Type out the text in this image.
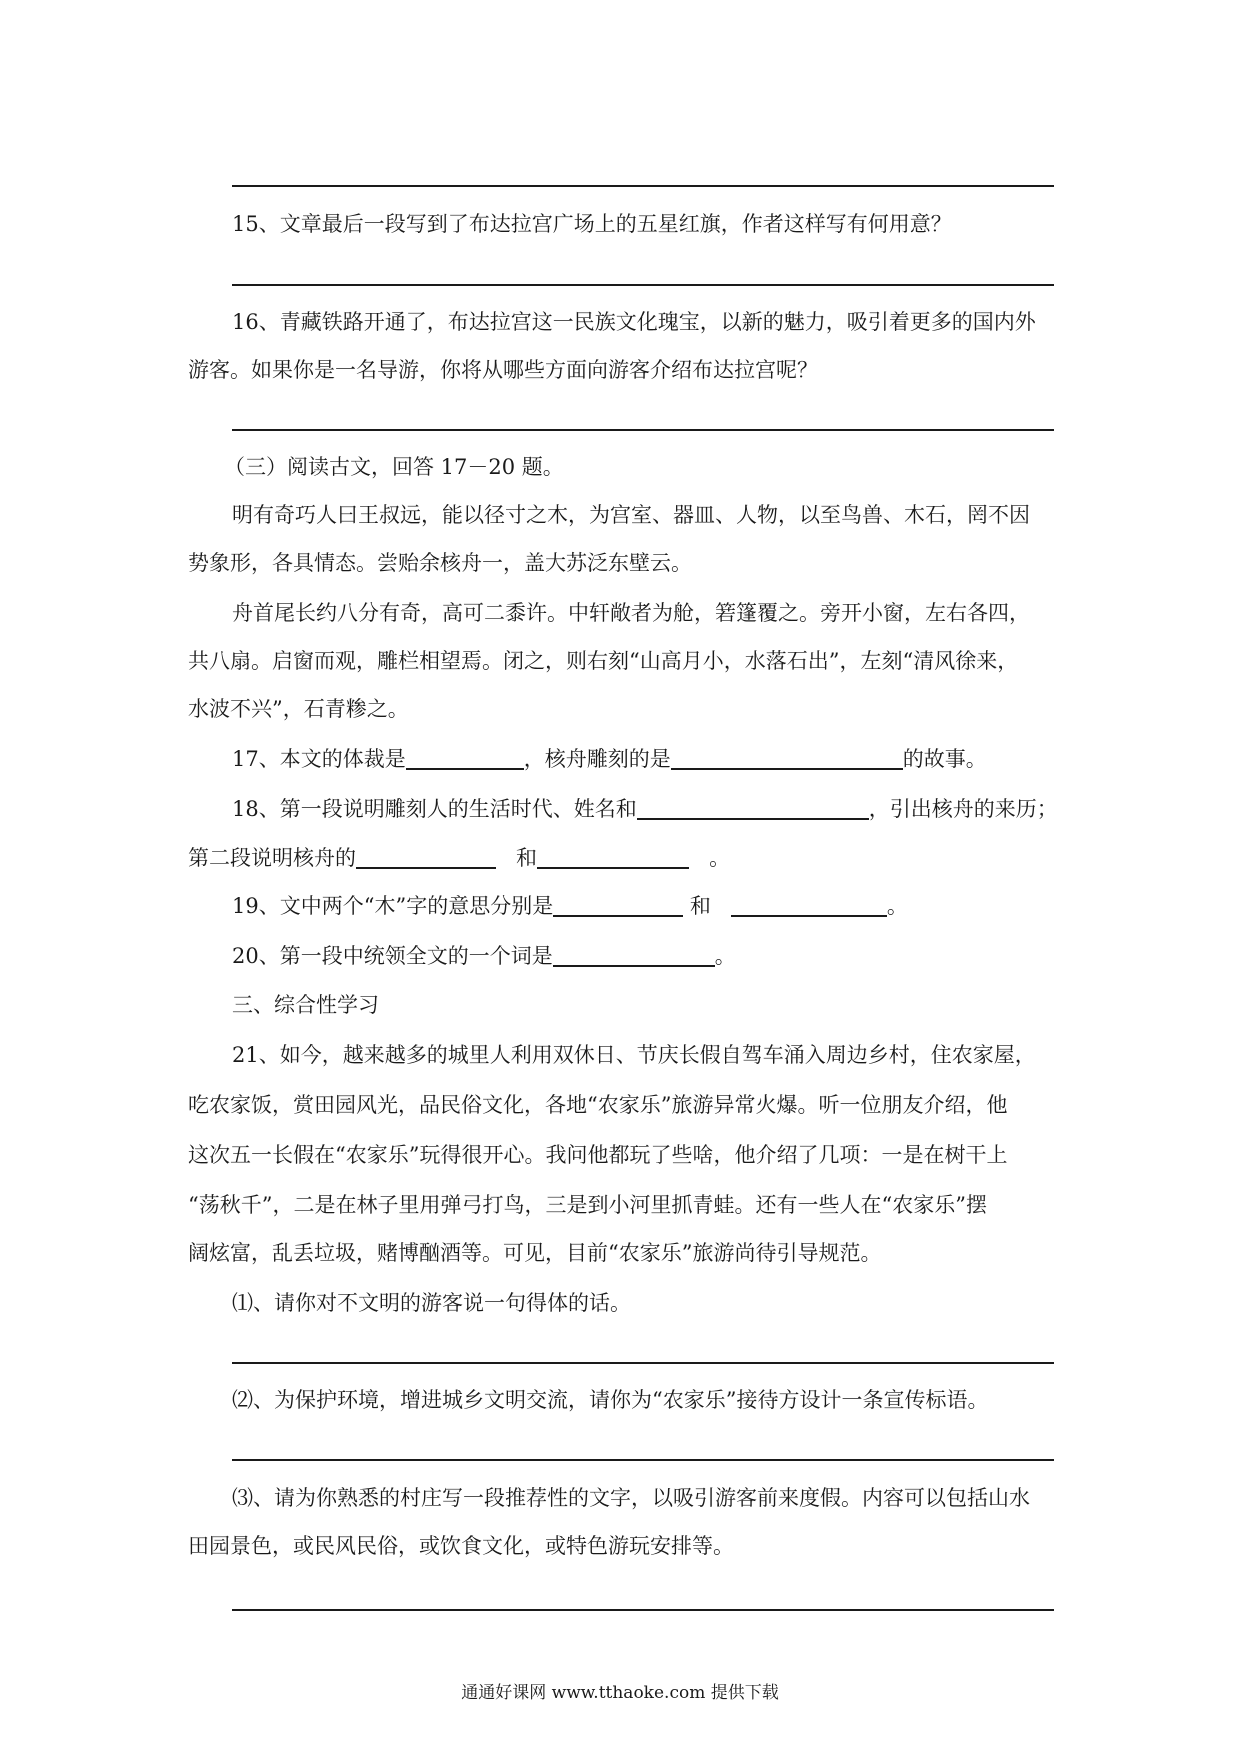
15、文章最后一段写到了布达拉宫广场上的五星红旗，作者这样写有何用意？
16、青藏铁路开通了，布达拉宫这一民族文化瑰宝，以新的魅力，吸引着更多的国内外
游客。如果你是一名导游，你将从哪些方面向游客介绍布达拉宫呢？
（三）阅读古文，回答 17－20 题。
明有奇巧人曰王叔远，能以径寸之木，为宫室、器皿、人物，以至鸟兽、木石，罔不因
势象形，各具情态。尝贻余核舟一，盖大苏泛东壁云。
舟首尾长约八分有奇，高可二黍许。中轩敞者为舱，箬篷覆之。旁开小窗，左右各四，
共八扇。启窗而观，雕栏相望焉。闭之，则右刻“山高月小，水落石出”，左刻“清风徐来，
水波不兴”，石青糁之。
17、本文的体裁是	，核舟雕刻的是	的故事。
18、第一段说明雕刻人的生活时代、姓名和	，引出核舟的来历；
第二段说明核舟的	和	。
19、文中两个“木”字的意思分别是	和	。
20、第一段中统领全文的一个词是	。
三、综合性学习
21、如今，越来越多的城里人利用双休日、节庆长假自驾车涌入周边乡村，住农家屋，
吃农家饭，赏田园风光，品民俗文化，各地“农家乐”旅游异常火爆。听一位朋友介绍，他
这次五一长假在“农家乐”玩得很开心。我问他都玩了些啥，他介绍了几项：一是在树干上
“荡秋千”，二是在林子里用弹弓打鸟，三是到小河里抓青蛙。还有一些人在“农家乐”摆
阔炫富，乱丢垃圾，赌博酗酒等。可见，目前“农家乐”旅游尚待引导规范。
⑴、请你对不文明的游客说一句得体的话。
⑵、为保护环境，增进城乡文明交流，请你为“农家乐”接待方设计一条宣传标语。
⑶、请为你熟悉的村庄写一段推荐性的文字，以吸引游客前来度假。内容可以包括山水
田园景色，或民风民俗，或饮食文化，或特色游玩安排等。
通通好课网 www.tthaoke.com 提供下载
